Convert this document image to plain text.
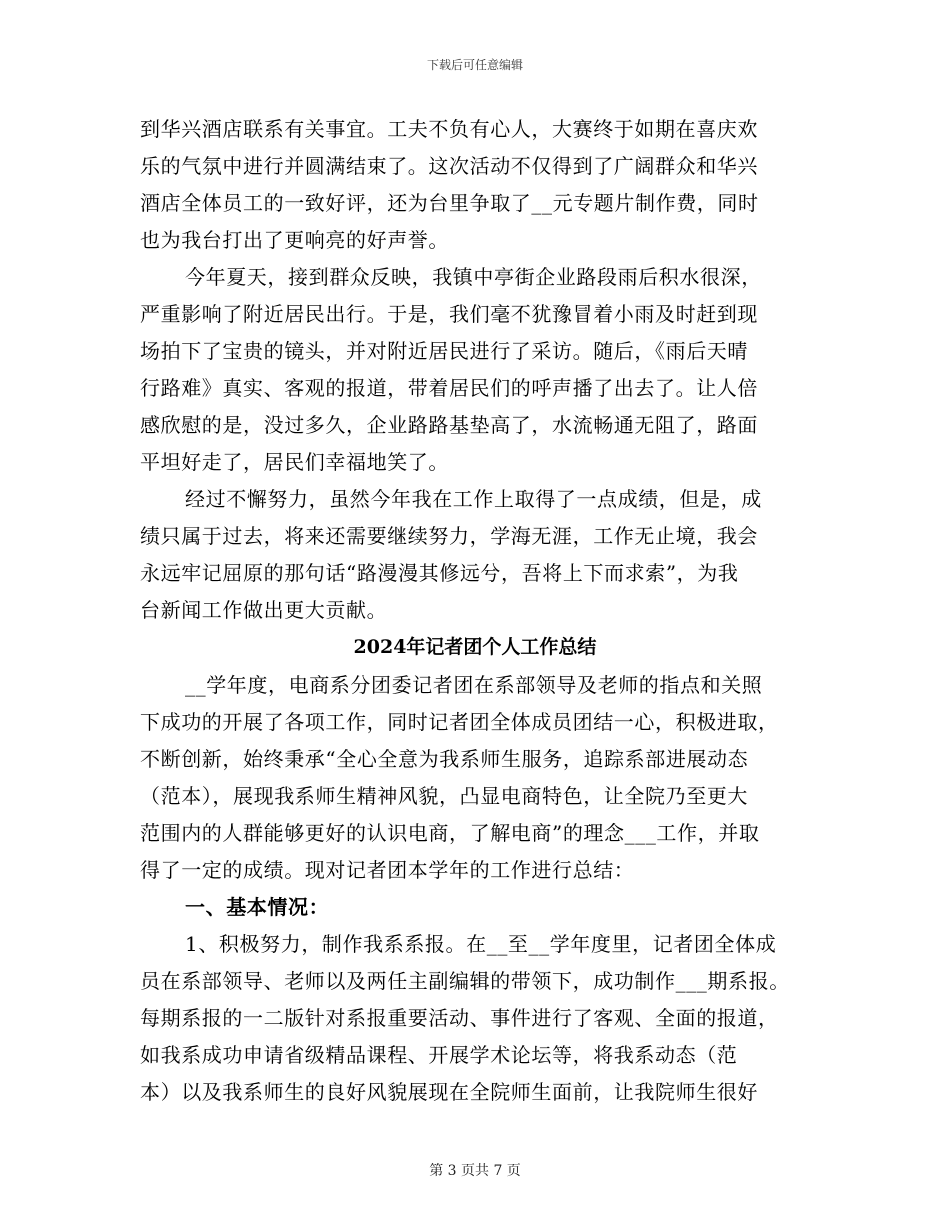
下载后可任意编辑
到华兴酒店联系有关事宜。工夫不负有心人，大赛终于如期在喜庆欢
乐的气氛中进行并圆满结束了。这次活动不仅得到了广阔群众和华兴
酒店全体员工的一致好评，还为台里争取了__元专题片制作费，同时
也为我台打出了更响亮的好声誉。
今年夏天，接到群众反映，我镇中亭街企业路段雨后积水很深，
严重影响了附近居民出行。于是，我们毫不犹豫冒着小雨及时赶到现
场拍下了宝贵的镜头，并对附近居民进行了采访。随后，《雨后天晴
行路难》真实、客观的报道，带着居民们的呼声播了出去了。让人倍
感欣慰的是，没过多久，企业路路基垫高了，水流畅通无阻了，路面
平坦好走了，居民们幸福地笑了。
经过不懈努力，虽然今年我在工作上取得了一点成绩，但是，成
绩只属于过去，将来还需要继续努力，学海无涯，工作无止境，我会
永远牢记屈原的那句话“路漫漫其修远兮，吾将上下而求索”，为我
台新闻工作做出更大贡献。
2024年记者团个人工作总结
__学年度，电商系分团委记者团在系部领导及老师的指点和关照
下成功的开展了各项工作，同时记者团全体成员团结一心，积极进取，
不断创新，始终秉承“全心全意为我系师生服务，追踪系部进展动态
（范本），展现我系师生精神风貌，凸显电商特色，让全院乃至更大
范围内的人群能够更好的认识电商，了解电商”的理念___工作，并取
得了一定的成绩。现对记者团本学年的工作进行总结：
一、基本情况：
1、积极努力，制作我系系报。在__至__学年度里，记者团全体成
员在系部领导、老师以及两任主副编辑的带领下，成功制作___期系报。
每期系报的一二版针对系报重要活动、事件进行了客观、全面的报道，
如我系成功申请省级精品课程、开展学术论坛等，将我系动态（范
本）以及我系师生的良好风貌展现在全院师生面前，让我院师生很好
第 3 页共 7 页
